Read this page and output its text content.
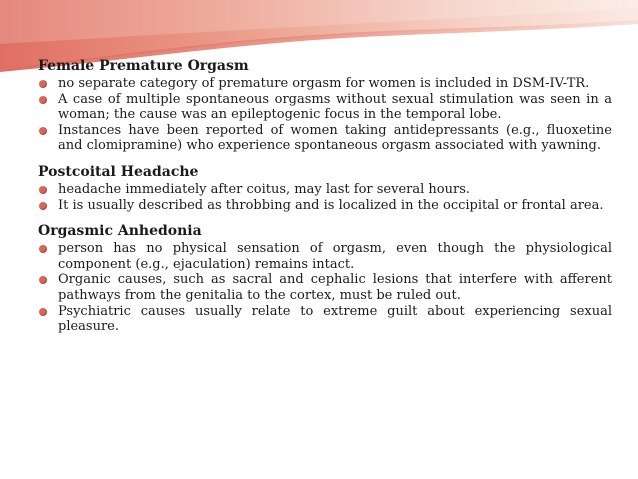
Female Premature Orgasm
no separate category of premature orgasm for women is included in DSM-IV-TR.
A case of multiple spontaneous orgasms without sexual stimulation was seen in a woman; the cause was an epileptogenic focus in the temporal lobe.
Instances have been reported of women taking antidepressants (e.g., fluoxetine and clomipramine) who experience spontaneous orgasm associated with yawning.
Postcoital Headache
headache immediately after coitus, may last for several hours.
It is usually described as throbbing and is localized in the occipital or frontal area.
Orgasmic Anhedonia
person has no physical sensation of orgasm, even though the physiological component (e.g., ejaculation) remains intact.
Organic causes, such as sacral and cephalic lesions that interfere with afferent pathways from the genitalia to the cortex, must be ruled out.
Psychiatric causes usually relate to extreme guilt about experiencing sexual pleasure.
